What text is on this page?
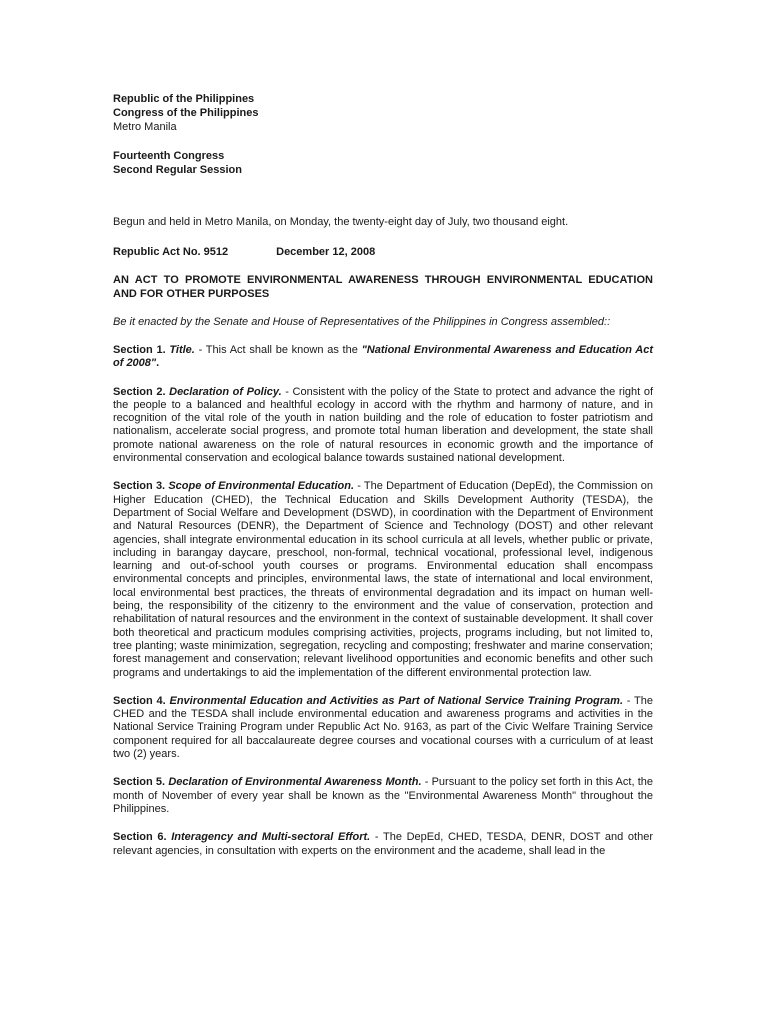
Republic of the Philippines
Congress of the Philippines
Metro Manila
Fourteenth Congress
Second Regular Session
Begun and held in Metro Manila, on Monday, the twenty-eight day of July, two thousand eight.
Republic Act No. 9512	December 12, 2008
AN ACT TO PROMOTE ENVIRONMENTAL AWARENESS THROUGH ENVIRONMENTAL EDUCATION AND FOR OTHER PURPOSES
Be it enacted by the Senate and House of Representatives of the Philippines in Congress assembled::
Section 1. Title. - This Act shall be known as the "National Environmental Awareness and Education Act of 2008".
Section 2. Declaration of Policy. - Consistent with the policy of the State to protect and advance the right of the people to a balanced and healthful ecology in accord with the rhythm and harmony of nature, and in recognition of the vital role of the youth in nation building and the role of education to foster patriotism and nationalism, accelerate social progress, and promote total human liberation and development, the state shall promote national awareness on the role of natural resources in economic growth and the importance of environmental conservation and ecological balance towards sustained national development.
Section 3. Scope of Environmental Education. - The Department of Education (DepEd), the Commission on Higher Education (CHED), the Technical Education and Skills Development Authority (TESDA), the Department of Social Welfare and Development (DSWD), in coordination with the Department of Environment and Natural Resources (DENR), the Department of Science and Technology (DOST) and other relevant agencies, shall integrate environmental education in its school curricula at all levels, whether public or private, including in barangay daycare, preschool, non-formal, technical vocational, professional level, indigenous learning and out-of-school youth courses or programs. Environmental education shall encompass environmental concepts and principles, environmental laws, the state of international and local environment, local environmental best practices, the threats of environmental degradation and its impact on human well-being, the responsibility of the citizenry to the environment and the value of conservation, protection and rehabilitation of natural resources and the environment in the context of sustainable development. It shall cover both theoretical and practicum modules comprising activities, projects, programs including, but not limited to, tree planting; waste minimization, segregation, recycling and composting; freshwater and marine conservation; forest management and conservation; relevant livelihood opportunities and economic benefits and other such programs and undertakings to aid the implementation of the different environmental protection law.
Section 4. Environmental Education and Activities as Part of National Service Training Program. - The CHED and the TESDA shall include environmental education and awareness programs and activities in the National Service Training Program under Republic Act No. 9163, as part of the Civic Welfare Training Service component required for all baccalaureate degree courses and vocational courses with a curriculum of at least two (2) years.
Section 5. Declaration of Environmental Awareness Month. - Pursuant to the policy set forth in this Act, the month of November of every year shall be known as the "Environmental Awareness Month" throughout the Philippines.
Section 6. Interagency and Multi-sectoral Effort. - The DepEd, CHED, TESDA, DENR, DOST and other relevant agencies, in consultation with experts on the environment and the academe, shall lead in the
